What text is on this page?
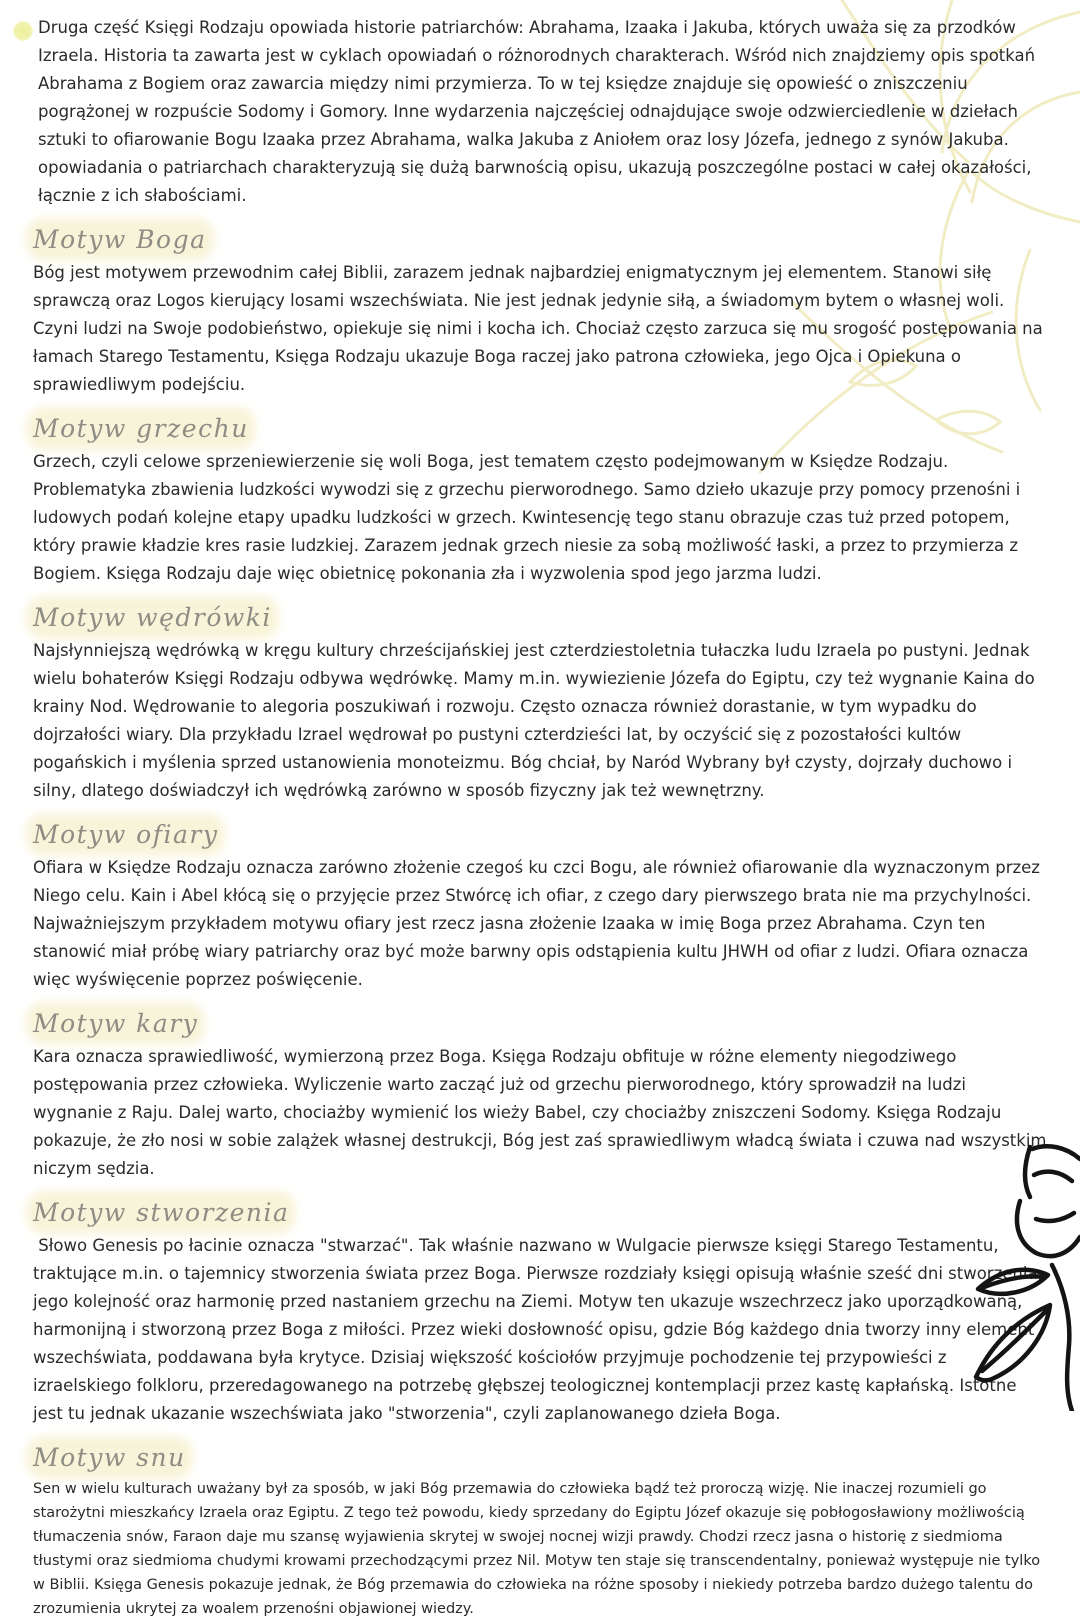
Druga część Księgi Rodzaju opowiada historie patriarchów: Abrahama, Izaaka i Jakuba, których uważa się za przodków Izraela. Historia ta zawarta jest w cyklach opowiadań o różnorodnych charakterach. Wśród nich znajdziemy opis spotkań Abrahama z Bogiem oraz zawarcia między nimi przymierza. To w tej księdze znajduje się opowieść o zniszczeniu pogrążonej w rozpuście Sodomy i Gomory. Inne wydarzenia najczęściej odnajdujące swoje odzwierciedlenie w dziełach sztuki to ofiarowanie Bogu Izaaka przez Abrahama, walka Jakuba z Aniołem oraz losy Józefa, jednego z synów Jakuba. opowiadania o patriarchach charakteryzują się dużą barwnością opisu, ukazują poszczególne postaci w całej okazałości, łącznie z ich słabościami.

Motyw Boga

Bóg jest motywem przewodnim całej Biblii, zarazem jednak najbardziej enigmatycznym jej elementem. Stanowi siłę sprawczą oraz Logos kierujący losami wszechświata. Nie jest jednak jedynie siłą, a świadomym bytem o własnej woli. Czyni ludzi na Swoje podobieństwo, opiekuje się nimi i kocha ich. Chociaż często zarzuca się mu srogość postępowania na łamach Starego Testamentu, Księga Rodzaju ukazuje Boga raczej jako patrona człowieka, jego Ojca i Opiekuna o sprawiedliwym podejściu.

Motyw grzechu

Grzech, czyli celowe sprzeniewierzenie się woli Boga, jest tematem często podejmowanym w Księdze Rodzaju. Problematyka zbawienia ludzkości wywodzi się z grzechu pierworodnego. Samo dzieło ukazuje przy pomocy przenośni i ludowych podań kolejne etapy upadku ludzkości w grzech. Kwintesencję tego stanu obrazuje czas tuż przed potopem, który prawie kładzie kres rasie ludzkiej. Zarazem jednak grzech niesie za sobą możliwość łaski, a przez to przymierza z Bogiem. Księga Rodzaju daje więc obietnicę pokonania zła i wyzwolenia spod jego jarzma ludzi.

Motyw wędrówki

Najsłynniejszą wędrówką w kręgu kultury chrześcijańskiej jest czterdziestoletnia tułaczka ludu Izraela po pustyni. Jednak wielu bohaterów Księgi Rodzaju odbywa wędrówkę. Mamy m.in. wywiezienie Józefa do Egiptu, czy też wygnanie Kaina do krainy Nod. Wędrowanie to alegoria poszukiwań i rozwoju. Często oznacza również dorastanie, w tym wypadku do dojrzałości wiary. Dla przykładu Izrael wędrował po pustyni czterdzieści lat, by oczyścić się z pozostałości kultów pogańskich i myślenia sprzed ustanowienia monoteizmu. Bóg chciał, by Naród Wybrany był czysty, dojrzały duchowo i silny, dlatego doświadczył ich wędrówką zarówno w sposób fizyczny jak też wewnętrzny.

Motyw ofiary

Ofiara w Księdze Rodzaju oznacza zarówno złożenie czegoś ku czci Bogu, ale również ofiarowanie dla wyznaczonym przez Niego celu. Kain i Abel kłócą się o przyjęcie przez Stwórcę ich ofiar, z czego dary pierwszego brata nie ma przychylności. Najważniejszym przykładem motywu ofiary jest rzecz jasna złożenie Izaaka w imię Boga przez Abrahama. Czyn ten stanowić miał próbę wiary patriarchy oraz być może barwny opis odstąpienia kultu JHWH od ofiar z ludzi. Ofiara oznacza więc wyświęcenie poprzez poświęcenie.

Motyw kary

Kara oznacza sprawiedliwość, wymierzoną przez Boga. Księga Rodzaju obfituje w różne elementy niegodziwego postępowania przez człowieka. Wyliczenie warto zacząć już od grzechu pierworodnego, który sprowadził na ludzi wygnanie z Raju. Dalej warto, chociażby wymienić los wieży Babel, czy chociażby zniszczeni Sodomy. Księga Rodzaju pokazuje, że zło nosi w sobie zalążek własnej destrukcji, Bóg jest zaś sprawiedliwym władcą świata i czuwa nad wszystkim niczym sędzia.

Motyw stworzenia

Słowo Genesis po łacinie oznacza "stwarzać". Tak właśnie nazwano w Wulgacie pierwsze księgi Starego Testamentu, traktujące m.in. o tajemnicy stworzenia świata przez Boga. Pierwsze rozdziały księgi opisują właśnie sześć dni stworzenia, jego kolejność oraz harmonię przed nastaniem grzechu na Ziemi. Motyw ten ukazuje wszechrzecz jako uporządkowaną, harmonijną i stworzoną przez Boga z miłości. Przez wieki dosłowność opisu, gdzie Bóg każdego dnia tworzy inny element wszechświata, poddawana była krytyce. Dzisiaj większość kościołów przyjmuje pochodzenie tej przypowieści z izraelskiego folkloru, przeredagowanego na potrzebę głębszej teologicznej kontemplacji przez kastę kapłańską. Istotne jest tu jednak ukazanie wszechświata jako "stworzenia", czyli zaplanowanego dzieła Boga.

Motyw snu

Sen w wielu kulturach uważany był za sposób, w jaki Bóg przemawia do człowieka bądź też proroczą wizję. Nie inaczej rozumieli go starożytni mieszkańcy Izraela oraz Egiptu. Z tego też powodu, kiedy sprzedany do Egiptu Józef okazuje się pobłogosławiony możliwością tłumaczenia snów, Faraon daje mu szansę wyjawienia skrytej w swojej nocnej wizji prawdy. Chodzi rzecz jasna o historię z siedmioma tłustymi oraz siedmioma chudymi krowami przechodzącymi przez Nil. Motyw ten staje się transcendentalny, ponieważ występuje nie tylko w Biblii. Księga Genesis pokazuje jednak, że Bóg przemawia do człowieka na różne sposoby i niekiedy potrzeba bardzo dużego talentu do zrozumienia ukrytej za woalem przenośni objawionej wiedzy.
